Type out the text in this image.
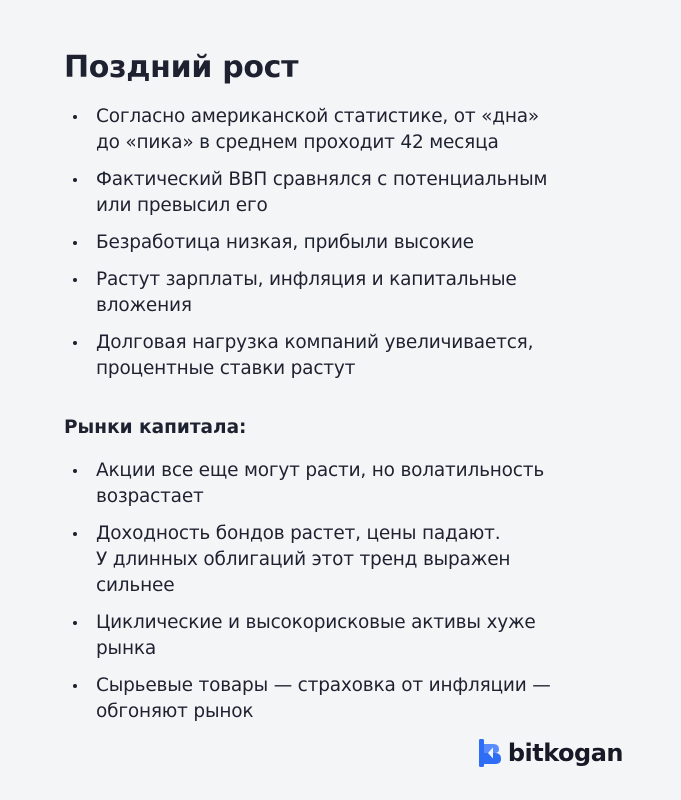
Поздний рост
Согласно американской статистике, от «дна»
до «пика» в среднем проходит 42 месяца
Фактический ВВП сравнялся с потенциальным
или превысил его
Безработица низкая, прибыли высокие
Растут зарплаты, инфляция и капитальные
вложения
Долговая нагрузка компаний увеличивается,
процентные ставки растут
Рынки капитала:
Акции все еще могут расти, но волатильность
возрастает
Доходность бондов растет, цены падают.
У длинных облигаций этот тренд выражен
сильнее
Циклические и высокорисковые активы хуже
рынка
Сырьевые товары — страховка от инфляции —
обгоняют рынок
bitkogan
